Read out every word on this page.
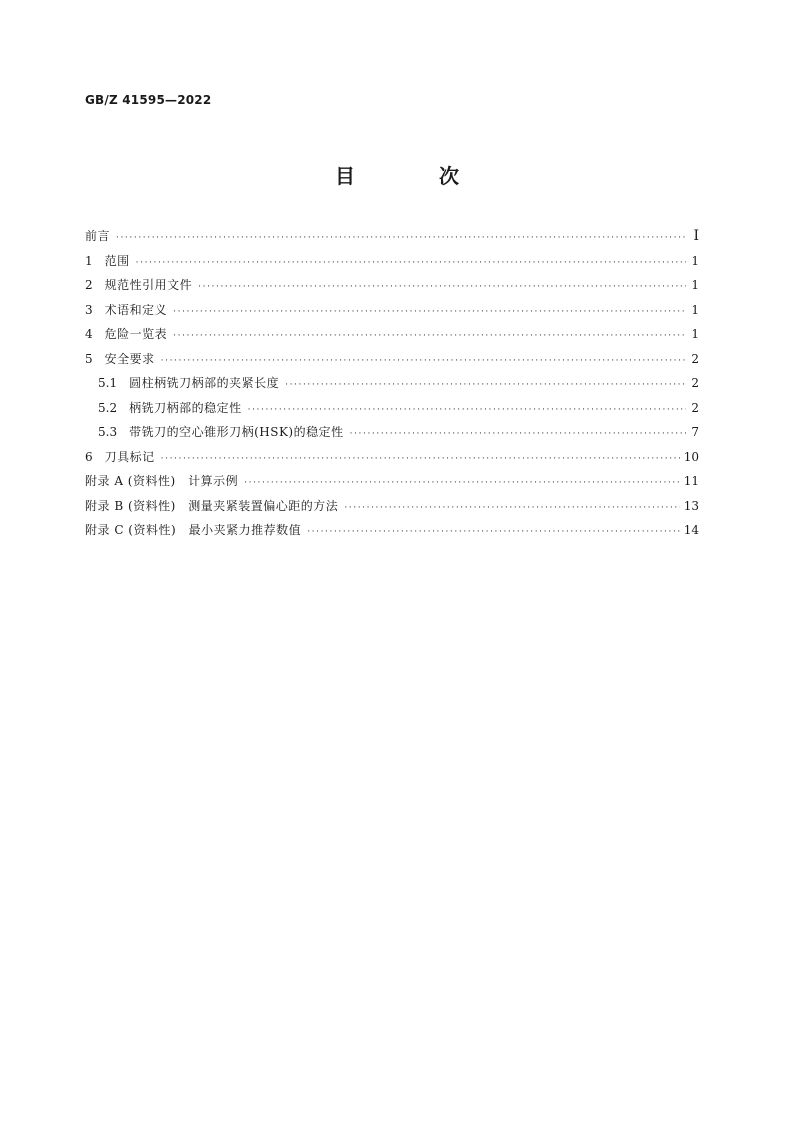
GB/Z 41595—2022
目　次
前言 ·····	I
1 范围 ·····	1
2 规范性引用文件 ·····	1
3 术语和定义 ·····	1
4 危险一览表 ·····	1
5 安全要求 ·····	2
5.1 圆柱柄铣刀柄部的夹紧长度 ·····	2
5.2 柄铣刀柄部的稳定性 ·····	2
5.3 带铣刀的空心锥形刀柄(HSK)的稳定性 ·····	7
6 刀具标记 ·····	10
附录 A (资料性)　计算示例 ·····	11
附录 B (资料性)　测量夹紧装置偏心距的方法 ·····	13
附录 C (资料性)　最小夹紧力推荐数值 ·····	14
